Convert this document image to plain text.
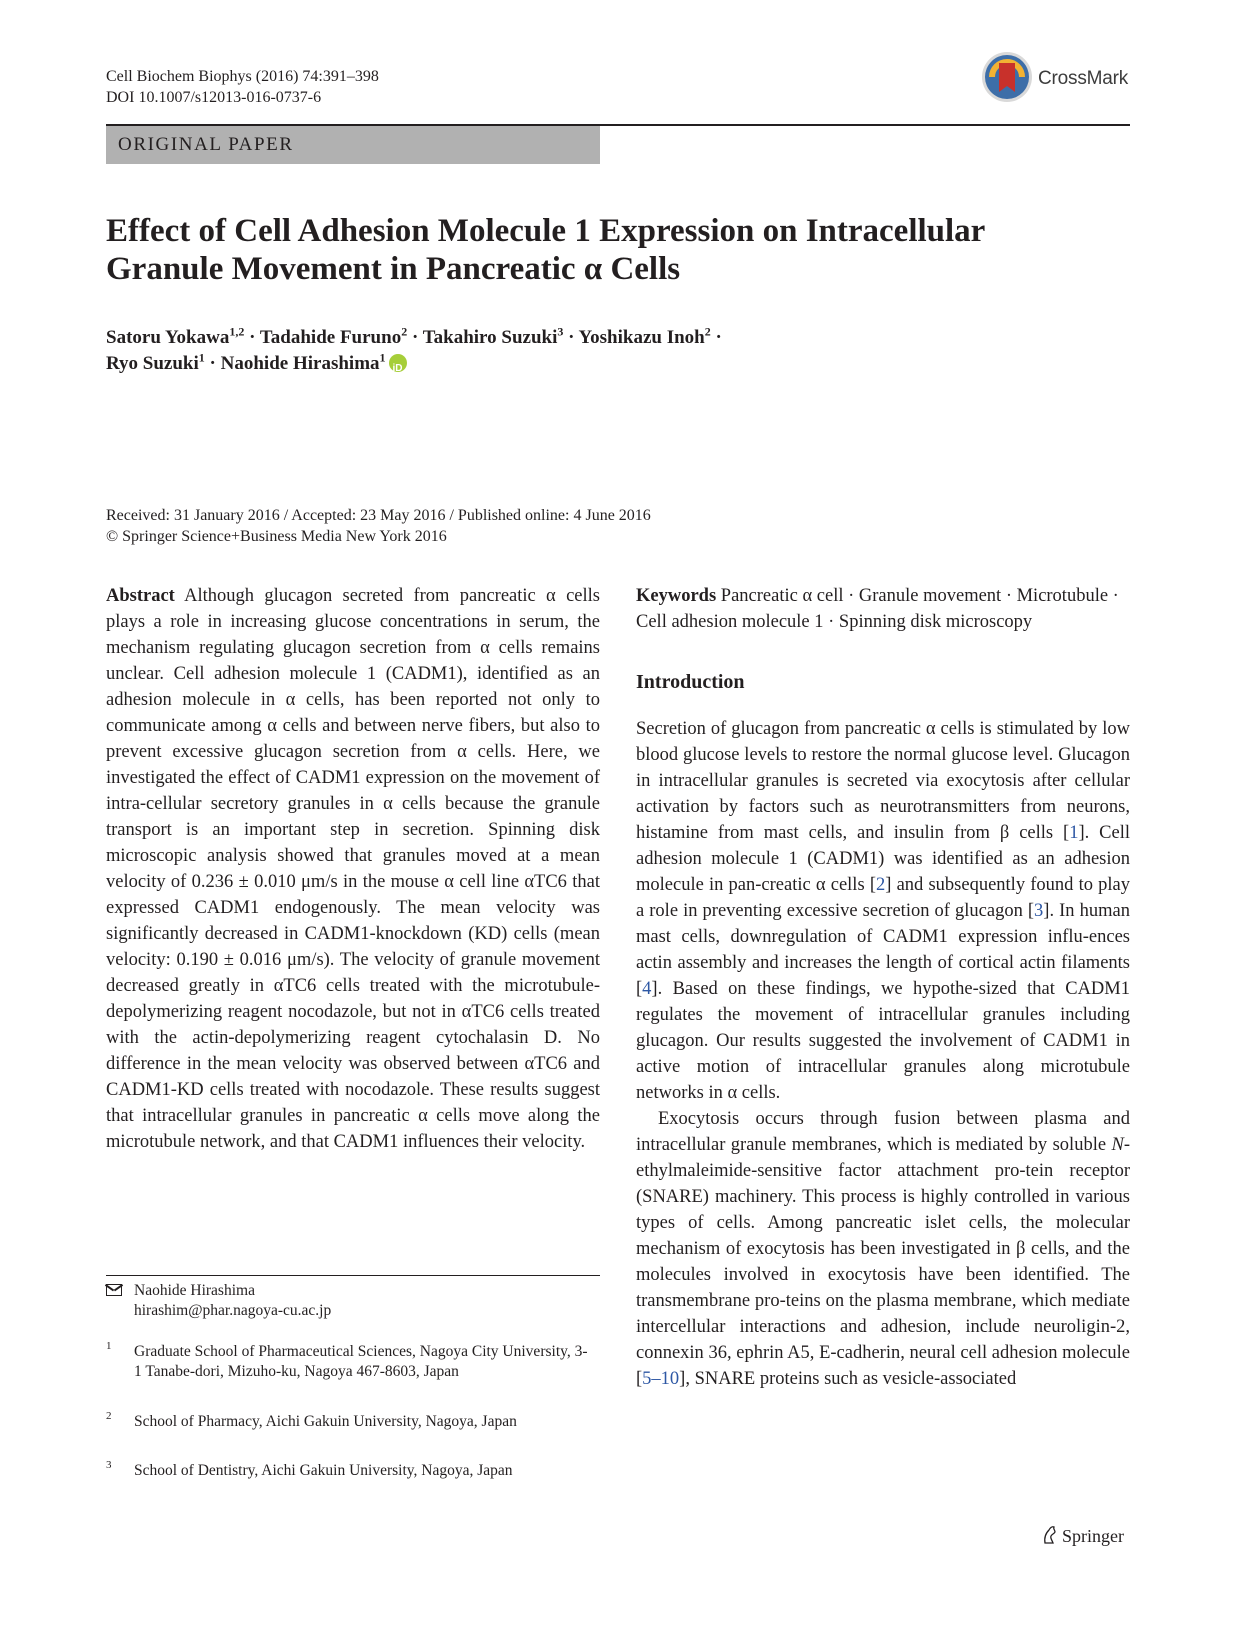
Cell Biochem Biophys (2016) 74:391–398
DOI 10.1007/s12013-016-0737-6
CrossMark
ORIGINAL PAPER
Effect of Cell Adhesion Molecule 1 Expression on Intracellular
Granule Movement in Pancreatic α Cells
Satoru Yokawa$^{1,2}$ · Tadahide Furuno$^2$ · Takahiro Suzuki$^3$ · Yoshikazu Inoh$^2$ ·
Ryo Suzuki$^1$ · Naohide Hirashima$^1$iD
Received: 31 January 2016 / Accepted: 23 May 2016 / Published online: 4 June 2016
© Springer Science+Business Media New York 2016

Abstract Although glucagon secreted from pancreatic α cells plays a role in increasing glucose concentrations in serum, the mechanism regulating glucagon secretion from α cells remains unclear. Cell adhesion molecule 1 (CADM1), identified as an adhesion molecule in α cells, has been reported not only to communicate among α cells and between nerve fibers, but also to prevent excessive glucagon secretion from α cells. Here, we investigated the effect of CADM1 expression on the movement of intra-cellular secretory granules in α cells because the granule transport is an important step in secretion. Spinning disk microscopic analysis showed that granules moved at a mean velocity of 0.236 ± 0.010 μm/s in the mouse α cell line αTC6 that expressed CADM1 endogenously. The mean velocity was significantly decreased in CADM1-knockdown (KD) cells (mean velocity: 0.190 ± 0.016 μm/s). The velocity of granule movement decreased greatly in αTC6 cells treated with the microtubule-depolymerizing reagent nocodazole, but not in αTC6 cells treated with the actin-depolymerizing reagent cytochalasin D. No difference in the mean velocity was observed between αTC6 and CADM1-KD cells treated with nocodazole. These results suggest that intracellular granules in pancreatic α cells move along the microtubule network, and that CADM1 influences their velocity.

Naohide Hirashima
hirashim@phar.nagoya-cu.ac.jp
1 Graduate School of Pharmaceutical Sciences, Nagoya City University, 3-1 Tanabe-dori, Mizuho-ku, Nagoya 467-8603, Japan
2 School of Pharmacy, Aichi Gakuin University, Nagoya, Japan
3 School of Dentistry, Aichi Gakuin University, Nagoya, Japan

Keywords Pancreatic α cell · Granule movement · Microtubule · Cell adhesion molecule 1 · Spinning disk microscopy

Introduction

Secretion of glucagon from pancreatic α cells is stimulated by low blood glucose levels to restore the normal glucose level. Glucagon in intracellular granules is secreted via exocytosis after cellular activation by factors such as neurotransmitters from neurons, histamine from mast cells, and insulin from β cells [1]. Cell adhesion molecule 1 (CADM1) was identified as an adhesion molecule in pan-creatic α cells [2] and subsequently found to play a role in preventing excessive secretion of glucagon [3]. In human mast cells, downregulation of CADM1 expression influ-ences actin assembly and increases the length of cortical actin filaments [4]. Based on these findings, we hypothe-sized that CADM1 regulates the movement of intracellular granules including glucagon. Our results suggested the involvement of CADM1 in active motion of intracellular granules along microtubule networks in α cells.

Exocytosis occurs through fusion between plasma and intracellular granule membranes, which is mediated by soluble N-ethylmaleimide-sensitive factor attachment pro-tein receptor (SNARE) machinery. This process is highly controlled in various types of cells. Among pancreatic islet cells, the molecular mechanism of exocytosis has been investigated in β cells, and the molecules involved in exocytosis have been identified. The transmembrane pro-teins on the plasma membrane, which mediate intercellular interactions and adhesion, include neuroligin-2, connexin 36, ephrin A5, E-cadherin, neural cell adhesion molecule [5–10], SNARE proteins such as vesicle-associated

Springer
